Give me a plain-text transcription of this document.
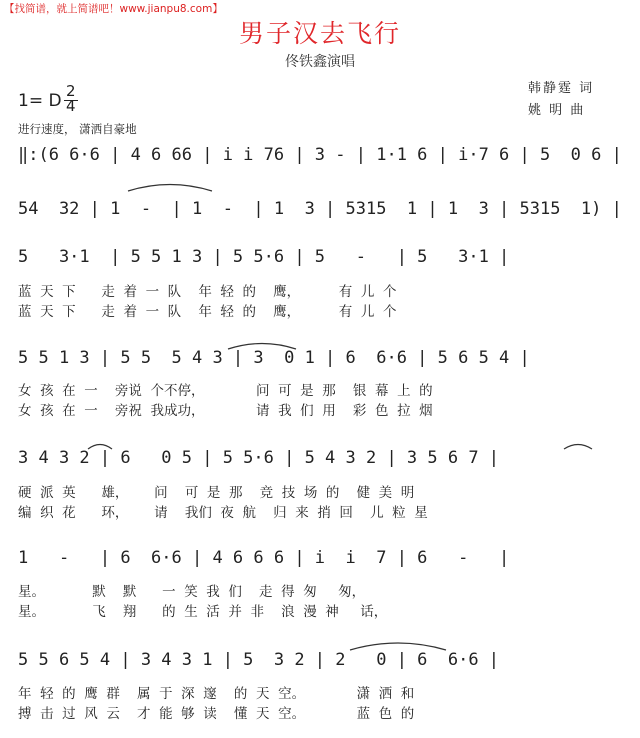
【找简谱，就上简谱吧！www.jianpu8.com】
男子汉去飞行
佟铁鑫演唱
韩静霆 词
姚 明 曲
1= D 2
4
进行速度， 潇洒自豪地
‖:(6 6·6 | 4 6 66 | i i 76 | 3 - | 1·1 6 | i·7 6 | 5  0 6 |
54  32 | 1  -  | 1  -  | 1  3 | 5315  1 | 1  3 | 5315  1) |
5   3·1  | 5 5 1 3 | 5 5·6 | 5   -   | 5   3·1 |
蓝  天  下      走  着  一  队    年  轻  的    鹰，         有  儿  个
蓝  天  下      走  着  一  队    年  轻  的    鹰，         有  儿  个
5 5 1 3 | 5 5  5 4 3 | 3  0 1 | 6  6·6 | 5 6 5 4 |
女  孩  在  一    旁说  个不停，            问  可  是  那    银  幕  上  的
女  孩  在  一    旁祝  我成功，            请  我  们  用    彩  色  拉  烟
3 4 3 2 | 6   0 5 | 5 5·6 | 5 4 3 2 | 3 5 6 7 |
硬  派  英      雄，      问    可  是  那    竞  技  场  的    健  美  明
编  织  花      环，      请    我们  夜  航    归  来  捎  回    儿  粒  星
1   -   | 6  6·6 | 4 6 6 6 | i  i  7 | 6   -   |
星。           默    默      一  笑  我  们    走  得  匆     匆，
星。           飞    翔      的  生  活  并  非    浪  漫  神     话，
5 5 6 5 4 | 3 4 3 1 | 5  3 2 | 2   0 | 6  6·6 |
年  轻  的  鹰  群    属  于  深  邃    的  天  空。            潇  洒  和
搏  击  过  风  云    才  能  够  读    懂  天  空。            蓝  色  的
